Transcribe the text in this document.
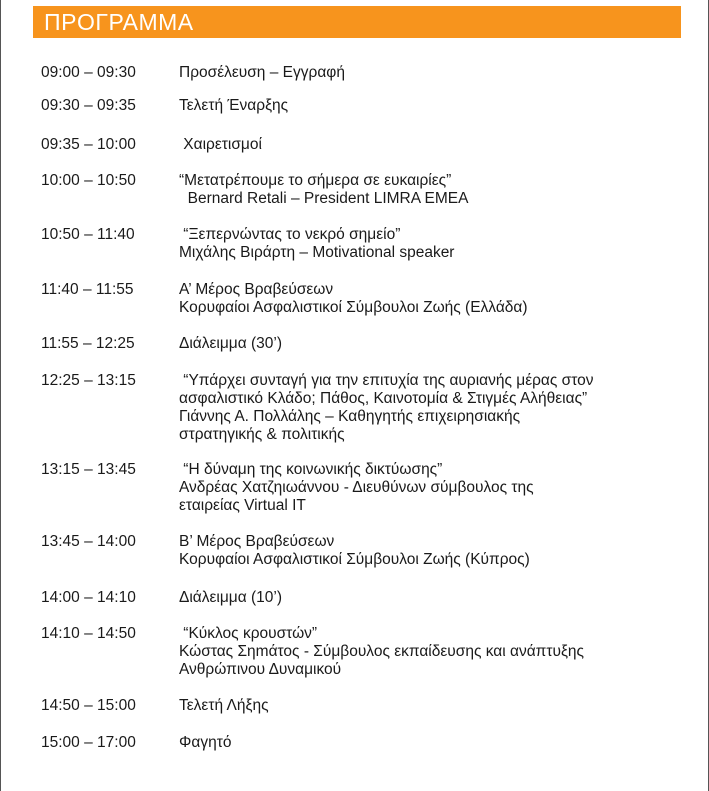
ΠΡΟΓΡΑΜΜΑ
09:00 – 09:30	Προσέλευση – Εγγραφή
09:30 – 09:35	Τελετή Έναρξης
09:35 – 10:00	Χαιρετισμοί
10:00 – 10:50	“Μετατρέπουμε το σήμερα σε ευκαιρίες”
Bernard Retali – President LIMRA EMEA
10:50 – 11:40	“Ξεπερνώντας το νεκρό σημείο”
Μιχάλης Βιράρτη – Motivational speaker
11:40 – 11:55	Α’ Μέρος Βραβεύσεων
Κορυφαίοι Ασφαλιστικοί Σύμβουλοι Ζωής (Ελλάδα)
11:55 – 12:25	Διάλειμμα (30’)
12:25 – 13:15	“Υπάρχει συνταγή για την επιτυχία της αυριανής μέρας στον
ασφαλιστικό Κλάδο; Πάθος, Καινοτομία & Στιγμές Αλήθειας”
Γιάννης Α. Πολλάλης – Καθηγητής επιχειρησιακής
στρατηγικής & πολιτικής
13:15 – 13:45	“Η δύναμη της κοινωνικής δικτύωσης”
Ανδρέας Χατζηιωάννου - Διευθύνων σύμβουλος της
εταιρείας Virtual IT
13:45 – 14:00	Β’ Μέρος Βραβεύσεων
Κορυφαίοι Ασφαλιστικοί Σύμβουλοι Ζωής (Κύπρος)
14:00 – 14:10	Διάλειμμα (10’)
14:10 – 14:50	“Κύκλος κρουστών”
Κώστας Σηmάτος - Σύμβουλος εκπαίδευσης και ανάπτυξης
Ανθρώπινου Δυναμικού
14:50 – 15:00	Τελετή Λήξης
15:00 – 17:00	Φαγητό
